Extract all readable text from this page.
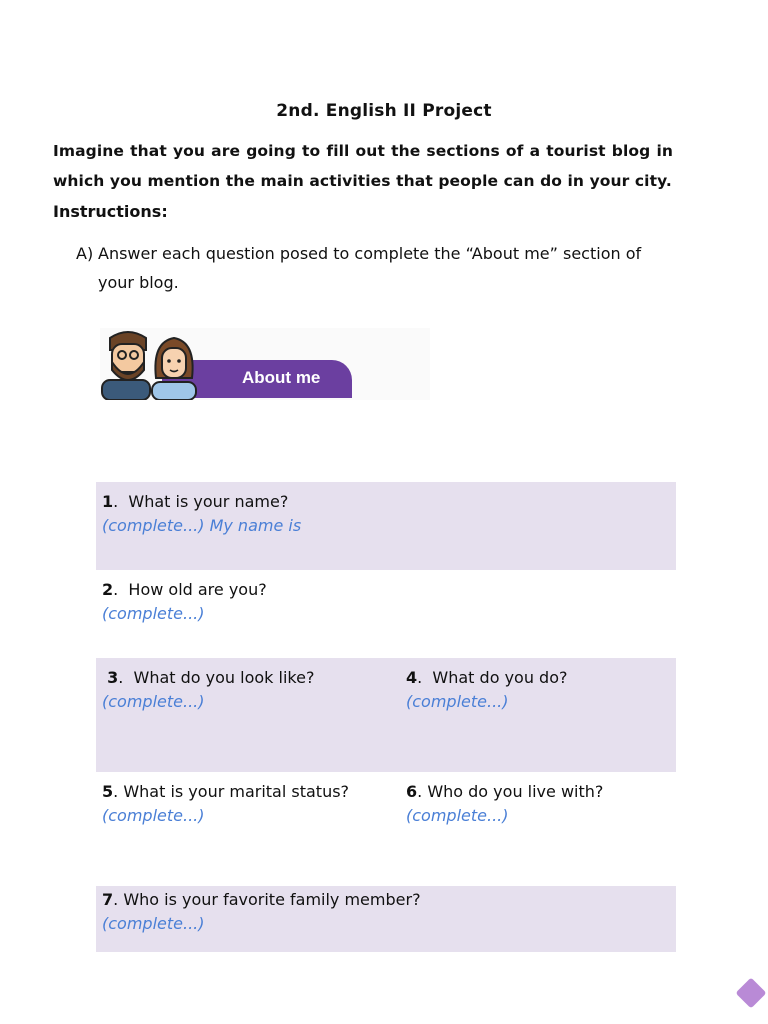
2nd. English II Project
Imagine that you are going to fill out the sections of a tourist blog in which you mention the main activities that people can do in your city.
Instructions:
A) Answer each question posed to complete the “About me” section of
your blog.
About me
1.  What is your name?
(complete...) My name is
2.  How old are you?
(complete...)
3.  What do you look like?
(complete...)
4.  What do you do?
(complete...)
5. What is your marital status?
(complete...)
6. Who do you live with?
(complete...)
7. Who is your favorite family member?
(complete...)
